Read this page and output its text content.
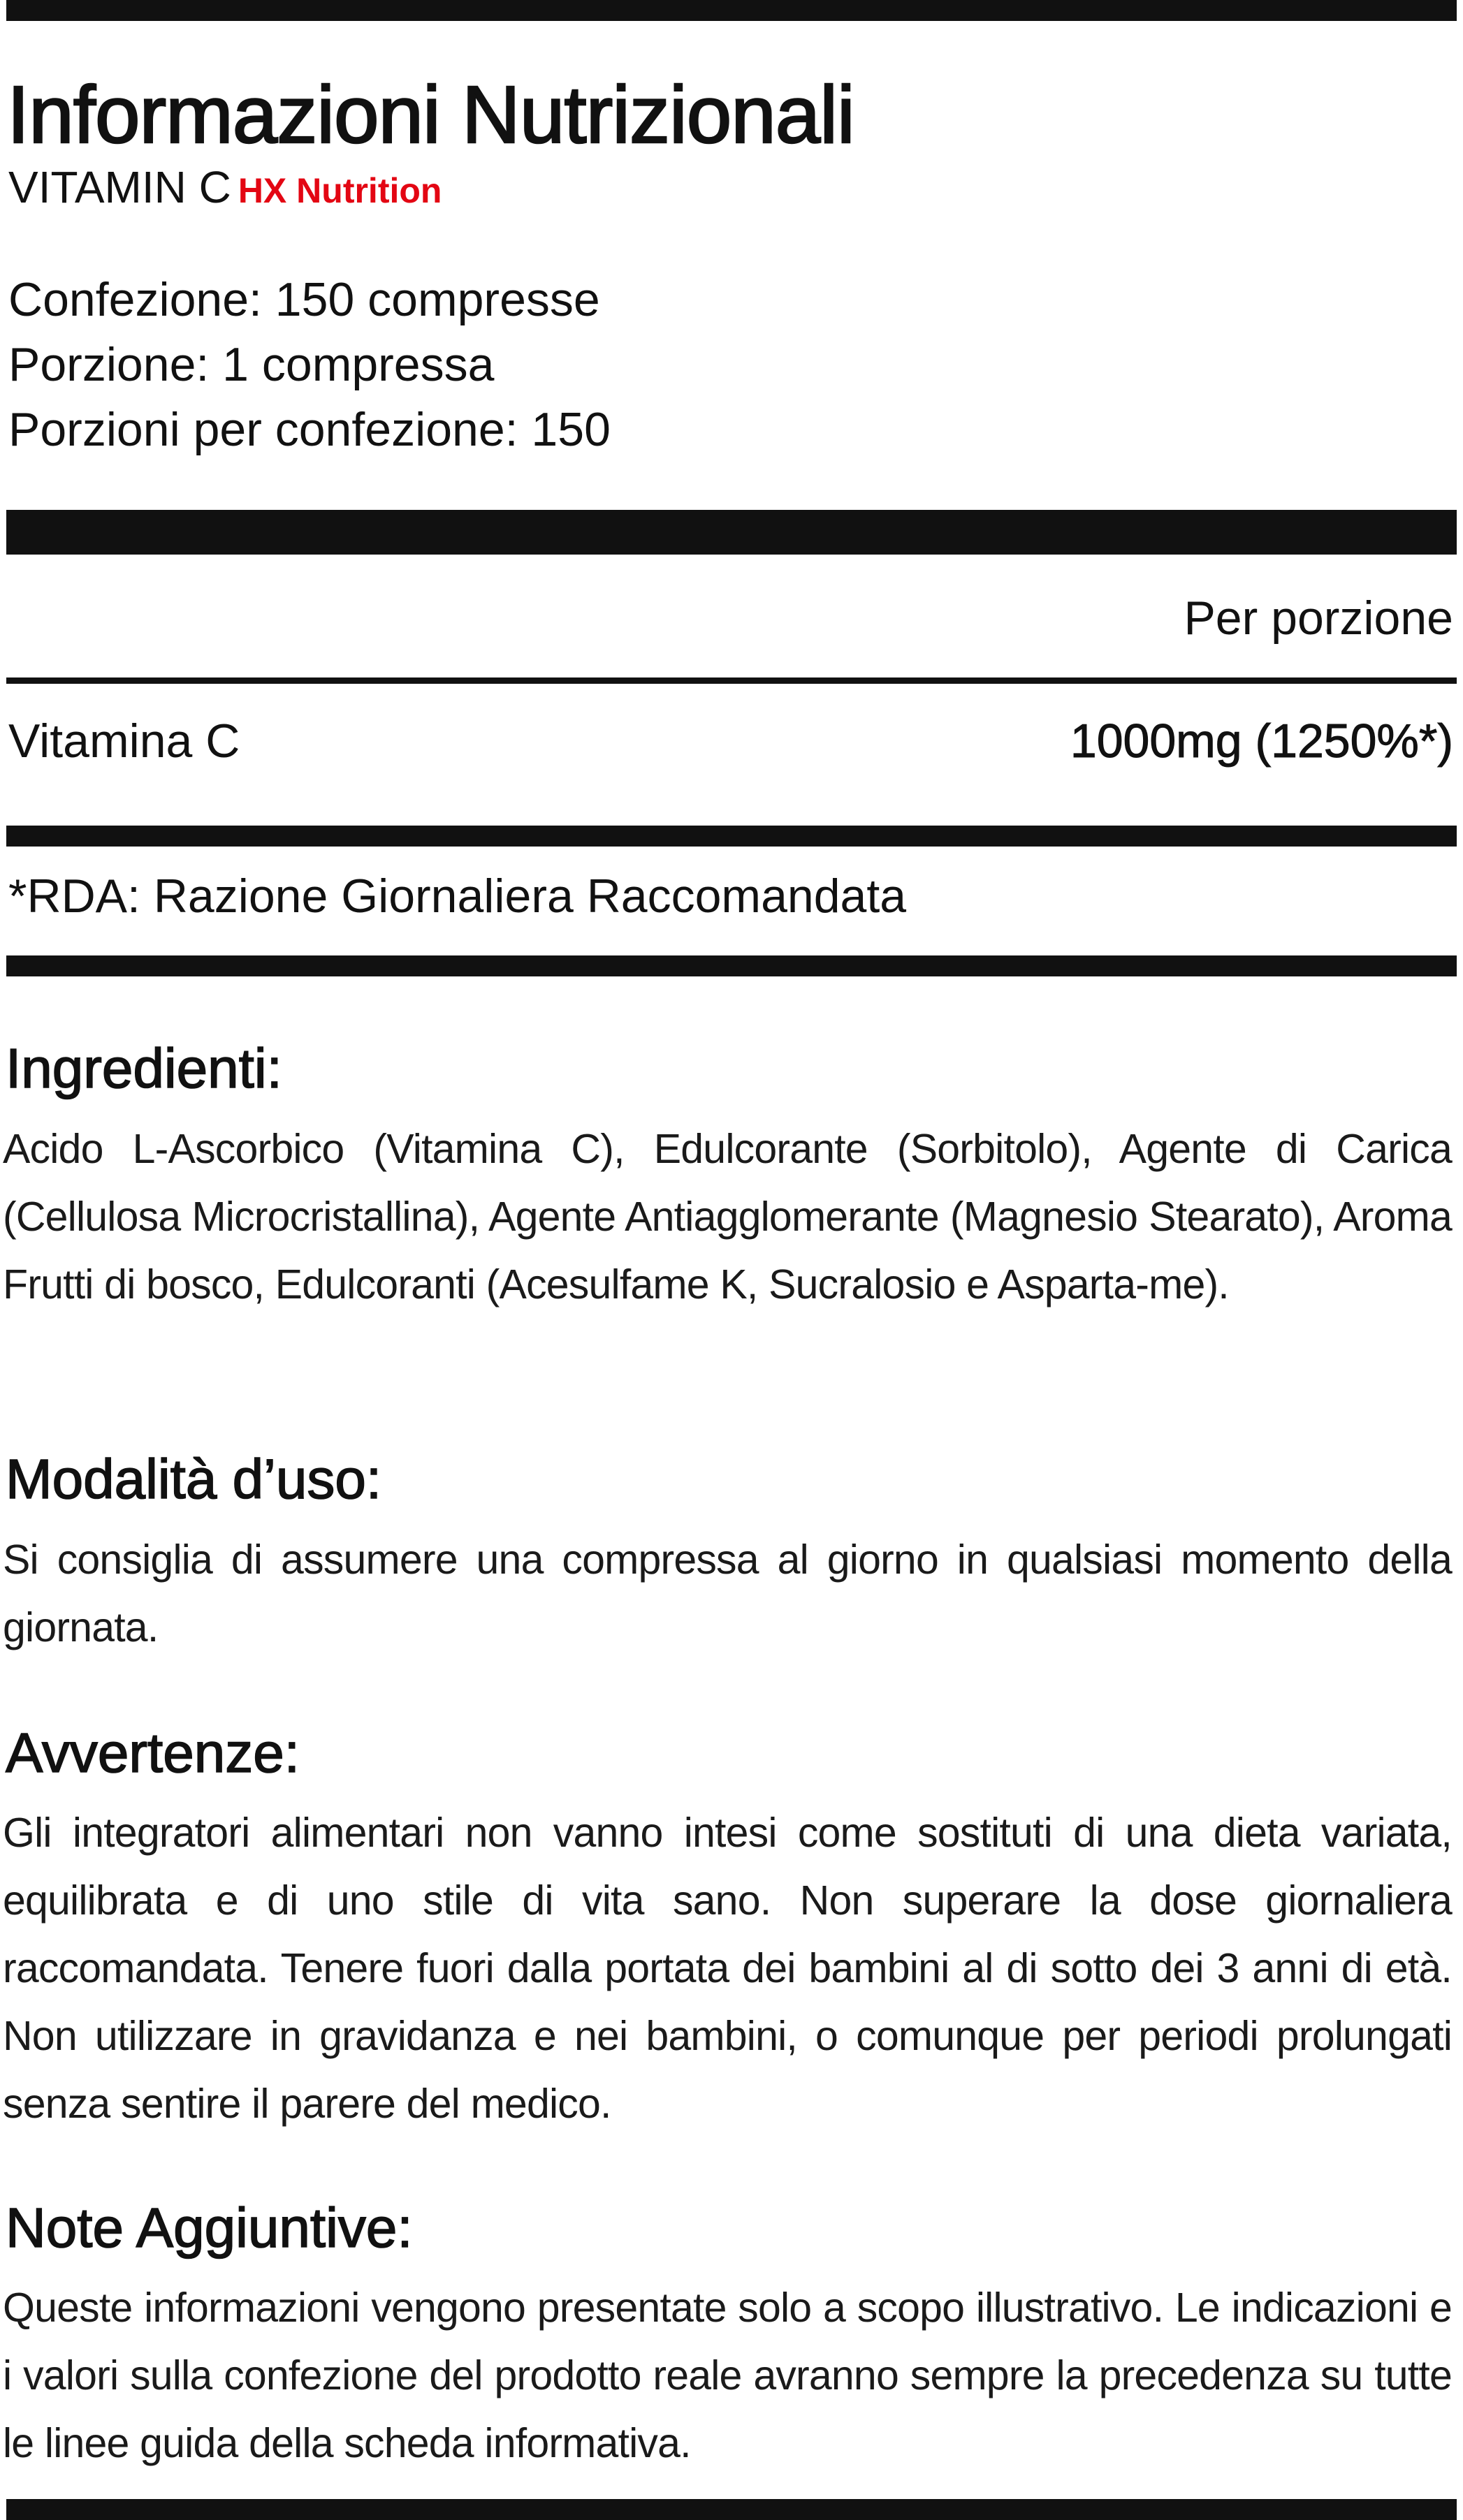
Informazioni Nutrizionali
VITAMIN C HX Nutrition
Confezione: 150 compresse
Porzione: 1 compressa
Porzioni per confezione: 150
Per porzione
Vitamina C	1000mg (1250%*)
*RDA: Razione Giornaliera Raccomandata
Ingredienti:
Acido L-Ascorbico (Vitamina C), Edulcorante (Sorbitolo), Agente di Carica (Cellulosa Microcristallina), Agente Antiagglomerante (Magnesio Stearato), Aroma Frutti di bosco, Edulcoranti (Acesulfame K, Sucralosio e Asparta-me).
Modalità d’uso:
Si consiglia di assumere una compressa al giorno in qualsiasi momento della giornata.
Avvertenze:
Gli integratori alimentari non vanno intesi come sostituti di una dieta variata, equilibrata e di uno stile di vita sano. Non superare la dose giornaliera raccomandata. Tenere fuori dalla portata dei bambini al di sotto dei 3 anni di età. Non utilizzare in gravidanza e nei bambini, o comunque per periodi prolungati senza sentire il parere del medico.
Note Aggiuntive:
Queste informazioni vengono presentate solo a scopo illustrativo. Le indicazioni e i valori sulla confezione del prodotto reale avranno sempre la precedenza su tutte le linee guida della scheda informativa.
